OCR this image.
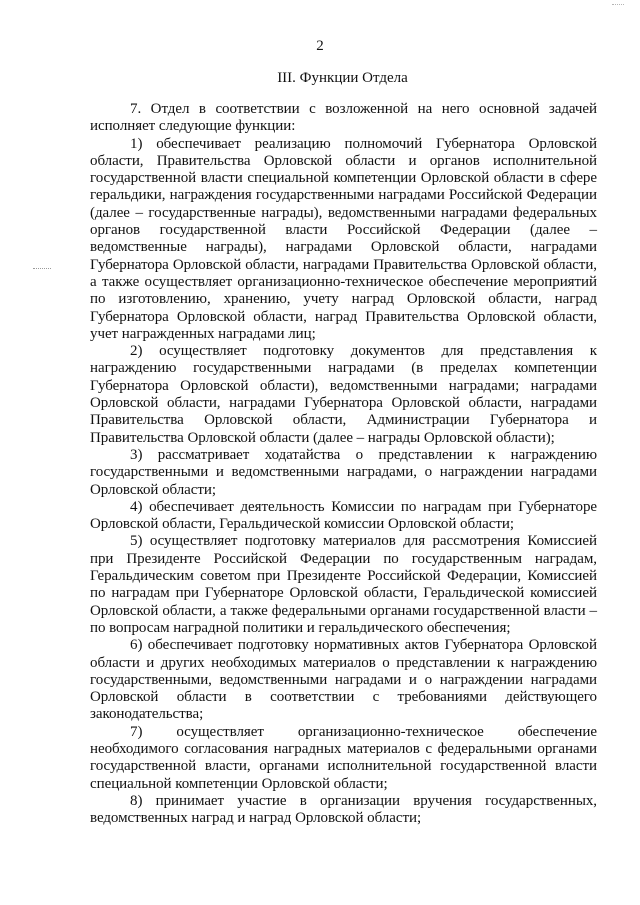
2
III. Функции Отдела

7. Отдел в соответствии с возложенной на него основной задачей исполняет следующие функции:

1) обеспечивает реализацию полномочий Губернатора Орловской области, Правительства Орловской области и органов исполнительной государственной власти специальной компетенции Орловской области в сфере геральдики, награждения государственными наградами Российской Федерации (далее – государственные награды), ведомственными наградами федеральных органов государственной власти Российской Федерации (далее – ведомственные награды), наградами Орловской области, наградами Губернатора Орловской области, наградами Правительства Орловской области, а также осуществляет организационно-техническое обеспечение мероприятий по изготовлению, хранению, учету наград Орловской области, наград Губернатора Орловской области, наград Правительства Орловской области, учет награжденных наградами лиц;

2) осуществляет подготовку документов для представления к награждению государственными наградами (в пределах компетенции Губернатора Орловской области), ведомственными наградами; наградами Орловской области, наградами Губернатора Орловской области, наградами Правительства Орловской области, Администрации Губернатора и Правительства Орловской области (далее – награды Орловской области);

3) рассматривает ходатайства о представлении к награждению государственными и ведомственными наградами, о награждении наградами Орловской области;

4) обеспечивает деятельность Комиссии по наградам при Губернаторе Орловской области, Геральдической комиссии Орловской области;

5) осуществляет подготовку материалов для рассмотрения Комиссией при Президенте Российской Федерации по государственным наградам, Геральдическим советом при Президенте Российской Федерации, Комиссией по наградам при Губернаторе Орловской области, Геральдической комиссией Орловской области, а также федеральными органами государственной власти – по вопросам наградной политики и геральдического обеспечения;

6) обеспечивает подготовку нормативных актов Губернатора Орловской области и других необходимых материалов о представлении к награждению государственными, ведомственными наградами и о награждении наградами Орловской области в соответствии с требованиями действующего законодательства;

7) осуществляет организационно-техническое обеспечение необходимого согласования наградных материалов с федеральными органами государственной власти, органами исполнительной государственной власти специальной компетенции Орловской области;

8) принимает участие в организации вручения государственных, ведомственных наград и наград Орловской области;
